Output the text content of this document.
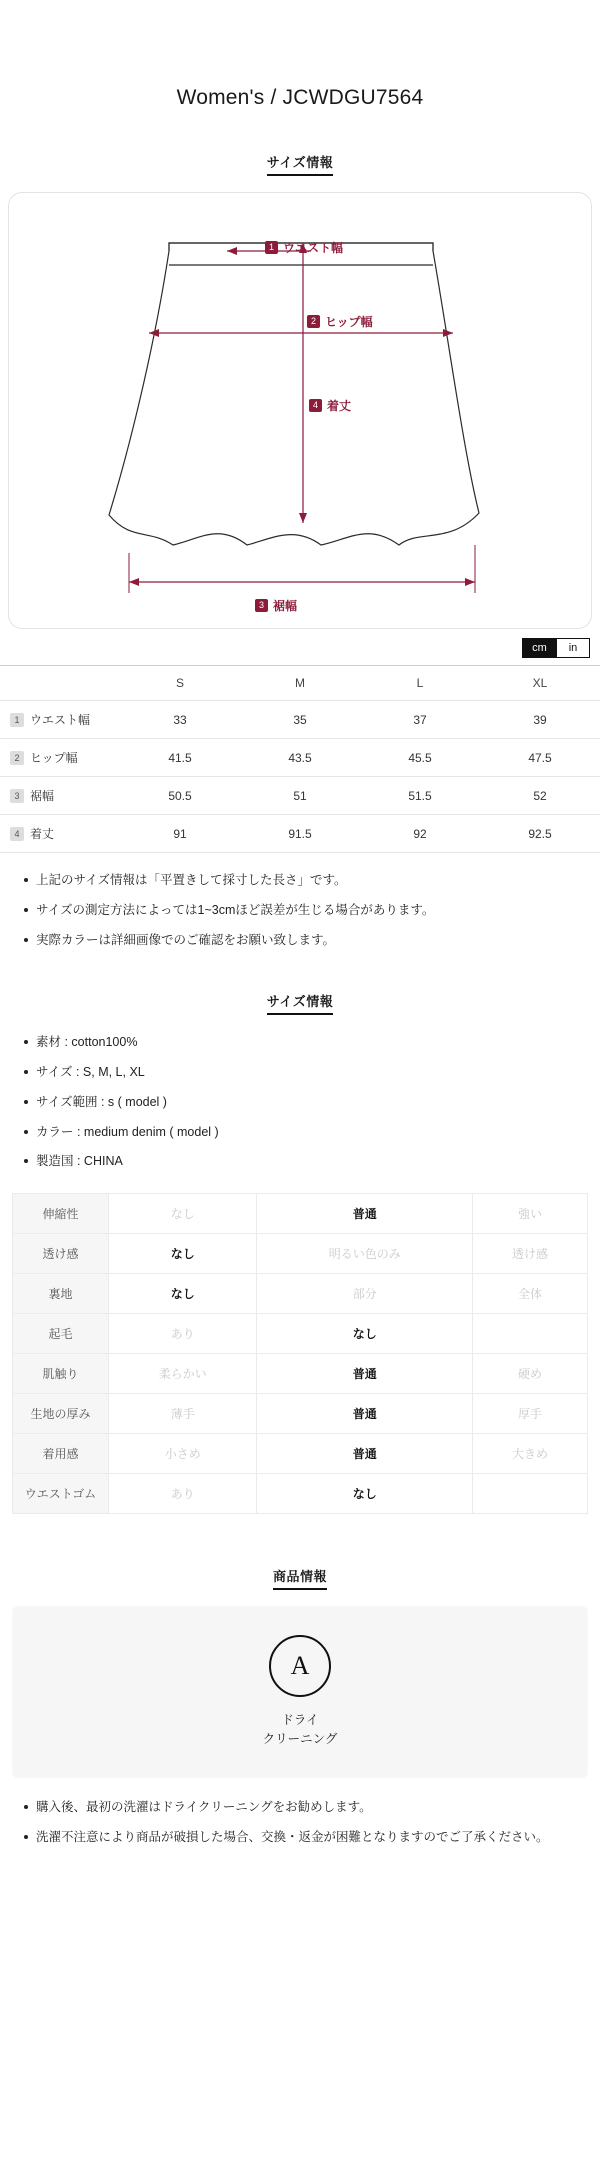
Women's / JCWDGU7564
サイズ情報
1 ウエスト幅
2 ヒップ幅
4 着丈
3 裾幅
cm	in
	S	M	L	XL
1 ウエスト幅	33	35	37	39
2 ヒップ幅	41.5	43.5	45.5	47.5
3 裾幅	50.5	51	51.5	52
4 着丈	91	91.5	92	92.5
上記のサイズ情報は「平置きして採寸した長さ」です。
サイズの測定方法によっては1~3cmほど誤差が生じる場合があります。
実際カラーは詳細画像でのご確認をお願い致します。
サイズ情報
素材 : cotton100%
サイズ : S, M, L, XL
サイズ範囲 : s ( model )
カラー : medium denim ( model )
製造国 : CHINA
伸縮性	なし	普通	強い
透け感	なし	明るい色のみ	透け感
裏地	なし	部分	全体
起毛	あり	なし	
肌触り	柔らかい	普通	硬め
生地の厚み	薄手	普通	厚手
着用感	小さめ	普通	大きめ
ウエストゴム	あり	なし	
商品情報
A
ドライ
クリーニング
購入後、最初の洗濯はドライクリーニングをお勧めします。
洗濯不注意により商品が破損した場合、交換・返金が困難となりますのでご了承ください。
